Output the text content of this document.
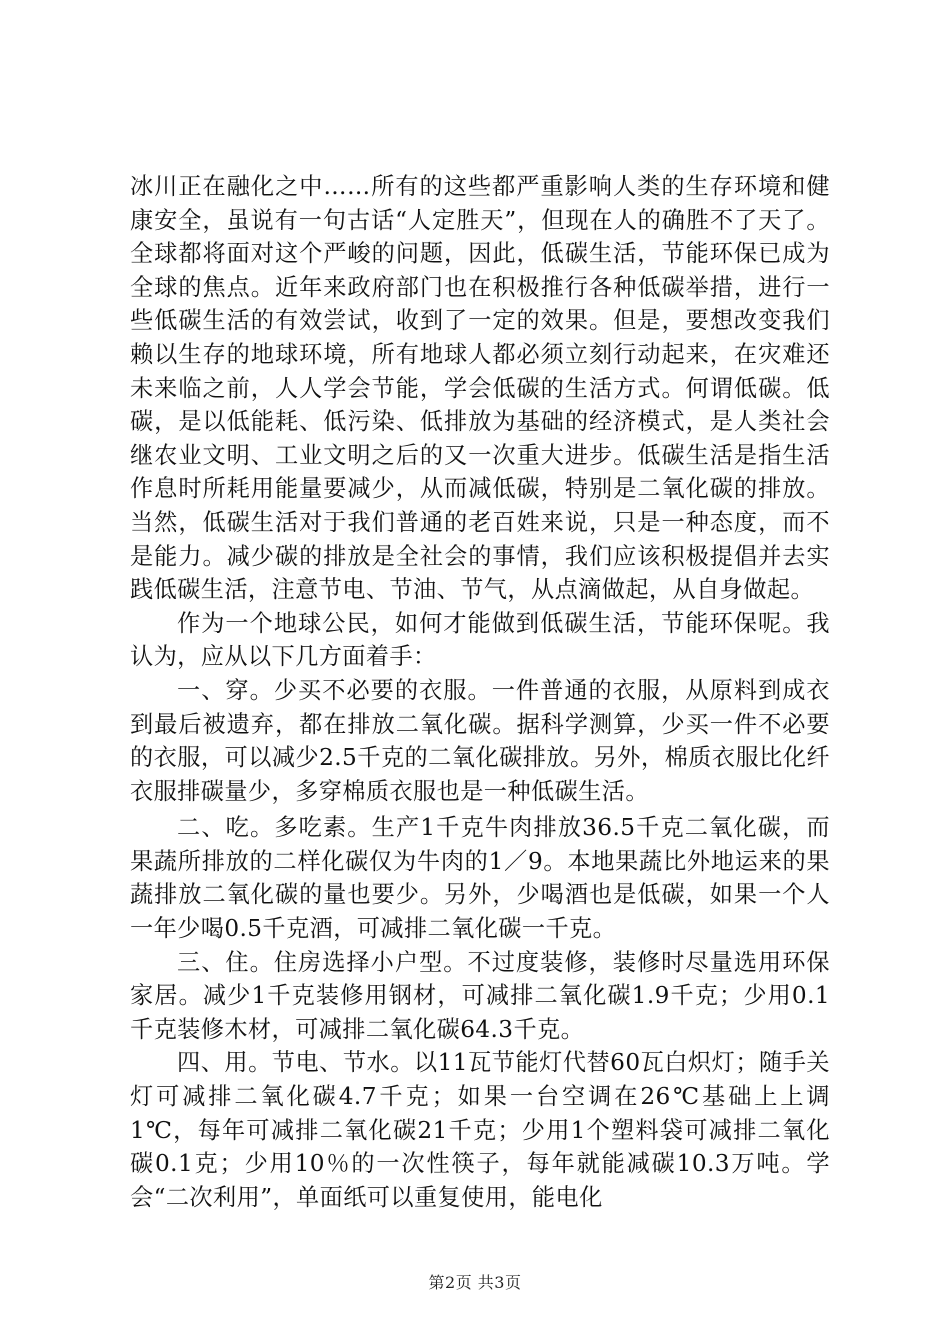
冰川正在融化之中……所有的这些都严重影响人类的生存环境和健康安全，虽说有一句古话“人定胜天”，但现在人的确胜不了天了。全球都将面对这个严峻的问题，因此，低碳生活，节能环保已成为全球的焦点。近年来政府部门也在积极推行各种低碳举措，进行一些低碳生活的有效尝试，收到了一定的效果。但是，要想改变我们赖以生存的地球环境，所有地球人都必须立刻行动起来，在灾难还未来临之前，人人学会节能，学会低碳的生活方式。何谓低碳。低碳，是以低能耗、低污染、低排放为基础的经济模式，是人类社会继农业文明、工业文明之后的又一次重大进步。低碳生活是指生活作息时所耗用能量要减少，从而减低碳，特别是二氧化碳的排放。当然，低碳生活对于我们普通的老百姓来说，只是一种态度，而不是能力。减少碳的排放是全社会的事情，我们应该积极提倡并去实践低碳生活，注意节电、节油、节气，从点滴做起，从自身做起。

作为一个地球公民，如何才能做到低碳生活，节能环保呢。我认为，应从以下几方面着手：

一、穿。少买不必要的衣服。一件普通的衣服，从原料到成衣到最后被遗弃，都在排放二氧化碳。据科学测算，少买一件不必要的衣服，可以减少2.5千克的二氧化碳排放。另外，棉质衣服比化纤衣服排碳量少，多穿棉质衣服也是一种低碳生活。

二、吃。多吃素。生产1千克牛肉排放36.5千克二氧化碳，而果蔬所排放的二样化碳仅为牛肉的1／9。本地果蔬比外地运来的果蔬排放二氧化碳的量也要少。另外，少喝酒也是低碳，如果一个人一年少喝0.5千克酒，可减排二氧化碳一千克。

三、住。住房选择小户型。不过度装修，装修时尽量选用环保家居。减少1千克装修用钢材，可减排二氧化碳1.9千克；少用0.1千克装修木材，可减排二氧化碳64.3千克。

四、用。节电、节水。以11瓦节能灯代替60瓦白炽灯；随手关灯可减排二氧化碳4.7千克；如果一台空调在26℃基础上上调1℃，每年可减排二氧化碳21千克；少用1个塑料袋可减排二氧化碳0.1克；少用10％的一次性筷子，每年就能减碳10.3万吨。学会“二次利用”，单面纸可以重复使用，能电化

第2页 共3页
